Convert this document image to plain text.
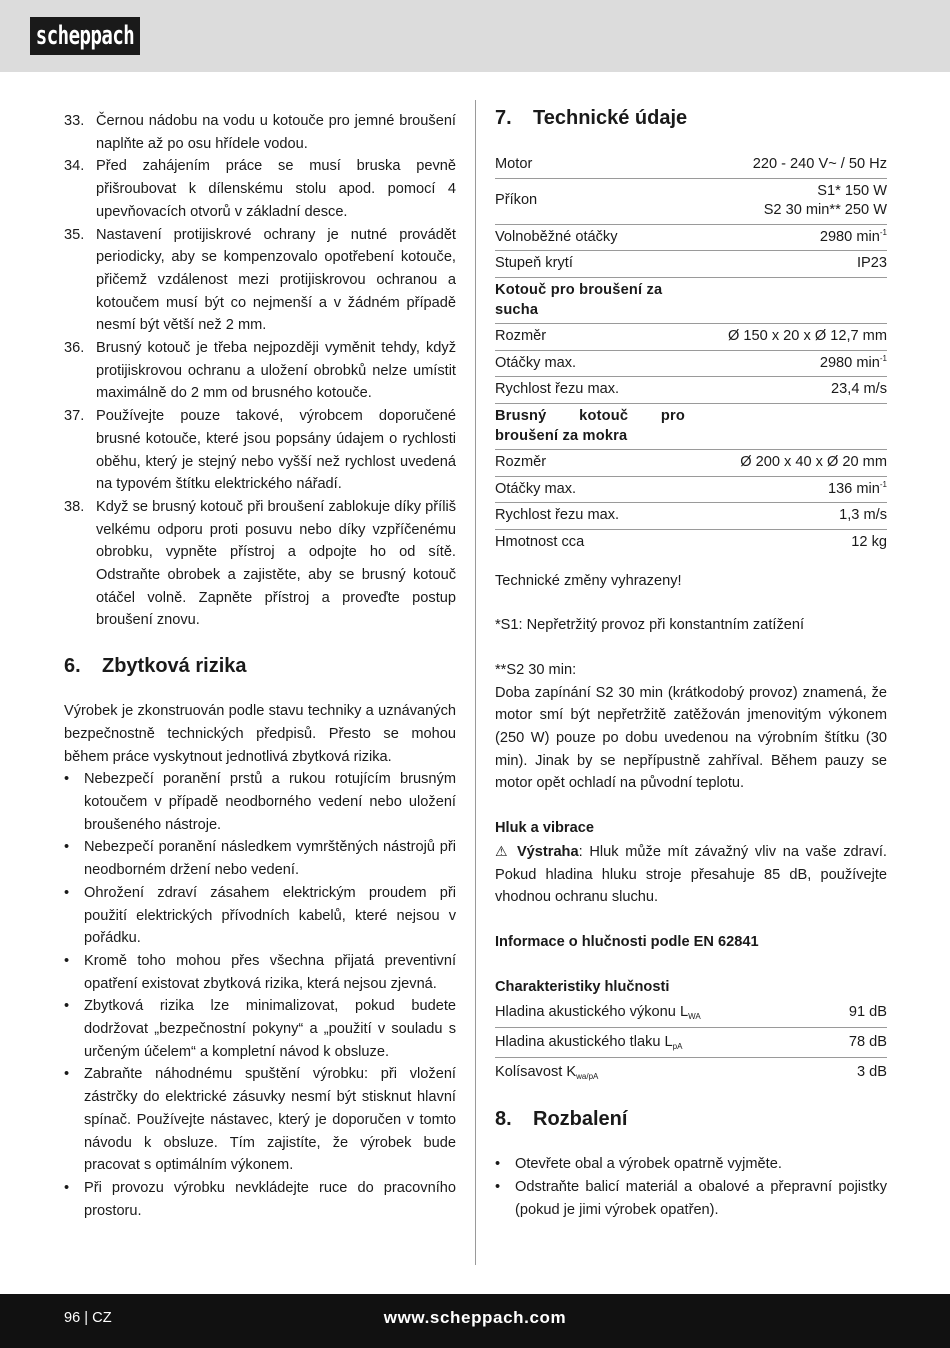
scheppach
33. Černou nádobu na vodu u kotouče pro jemné broušení naplňte až po osu hřídele vodou.
34. Před zahájením práce se musí bruska pevně přišroubovat k dílenskému stolu apod. pomocí 4 upevňovacích otvorů v základní desce.
35. Nastavení protijiskrové ochrany je nutné provádět periodicky, aby se kompenzovalo opotřebení kotouče, přičemž vzdálenost mezi protijiskrovou ochranou a kotoučem musí být co nejmenší a v žádném případě nesmí být větší než 2 mm.
36. Brusný kotouč je třeba nejpozději vyměnit tehdy, když protijiskrovou ochranu a uložení obrobků nelze umístit maximálně do 2 mm od brusného kotouče.
37. Používejte pouze takové, výrobcem doporučené brusné kotouče, které jsou popsány údajem o rychlosti oběhu, který je stejný nebo vyšší než rychlost uvedená na typovém štítku elektrického nářadí.
38. Když se brusný kotouč při broušení zablokuje díky příliš velkému odporu proti posuvu nebo díky vzpříčenému obrobku, vypněte přístroj a odpojte ho od sítě. Odstraňte obrobek a zajistěte, aby se brusný kotouč otáčel volně. Zapněte přístroj a proveďte postup broušení znovu.
6.	Zbytková rizika

Výrobek je zkonstruován podle stavu techniky a uznávaných bezpečnostně technických předpisů. Přesto se mohou během práce vyskytnout jednotlivá zbytková rizika.

• Nebezpečí poranění prstů a rukou rotujícím brusným kotoučem v případě neodborného vedení nebo uložení broušeného nástroje.
• Nebezpečí poranění následkem vymrštěných nástrojů při neodborném držení nebo vedení.
• Ohrožení zdraví zásahem elektrickým proudem při použití elektrických přívodních kabelů, které nejsou v pořádku.
• Kromě toho mohou přes všechna přijatá preventivní opatření existovat zbytková rizika, která nejsou zjevná.
• Zbytková rizika lze minimalizovat, pokud budete dodržovat „bezpečnostní pokyny“ a „použití v souladu s určeným účelem“ a kompletní návod k obsluze.
• Zabraňte náhodnému spuštění výrobku: při vložení zástrčky do elektrické zásuvky nesmí být stisknut hlavní spínač. Používejte nástavec, který je doporučen v tomto návodu k obsluze. Tím zajistíte, že výrobek bude pracovat s optimálním výkonem.
• Při provozu výrobku nevkládejte ruce do pracovního prostoru.
7.	Technické údaje
Motor	220 - 240 V~ / 50 Hz
Příkon	S1* 150 W
S2 30 min** 250 W

Volnoběžné otáčky	2980 $\min^{-1}$
Stupeň krytí	IP23
Kotouč pro broušení za sucha	
Rozměr	Ø 150 x 20 x Ø 12,7 mm
Otáčky max.	2980 $\min^{-1}$
Rychlost řezu max.	23,4 m/s
Brusný kotouč pro broušení za mokra	
Rozměr	Ø 200 x 40 x Ø 20 mm
Otáčky max.	136 $\min^{-1}$
Rychlost řezu max.	1,3 m/s
Hmotnost cca	12 kg

Technické změny vyhrazeny!

*S1: Nepřetržitý provoz při konstantním zatížení

**S2 30 min:

Doba zapínání S2 30 min (krátkodobý provoz) znamená, že motor smí být nepřetržitě zatěžován jmenovitým výkonem (250 W) pouze po dobu uvedenou na výrobním štítku (30 min). Jinak by se nepřípustně zahříval. Během pauzy se motor opět ochladí na původní teplotu.

Hluk a vibrace

⚠ Výstraha: Hluk může mít závažný vliv na vaše zdraví. Pokud hladina hluku stroje přesahuje 85 dB, používejte vhodnou ochranu sluchu.

Informace o hlučnosti podle EN 62841

Charakteristiky hlučnosti

Hladina akustického výkonu $L_{WA}$	91 dB
Hladina akustického tlaku $L_{pA}$	78 dB
Kolísavost $K_{wa/pA}$	3 dB
8.	Rozbalení
• Otevřete obal a výrobek opatrně vyjměte.
• Odstraňte balicí materiál a obalové a přepravní pojistky (pokud je jimi výrobek opatřen).
96 | CZ	www.scheppach.com
